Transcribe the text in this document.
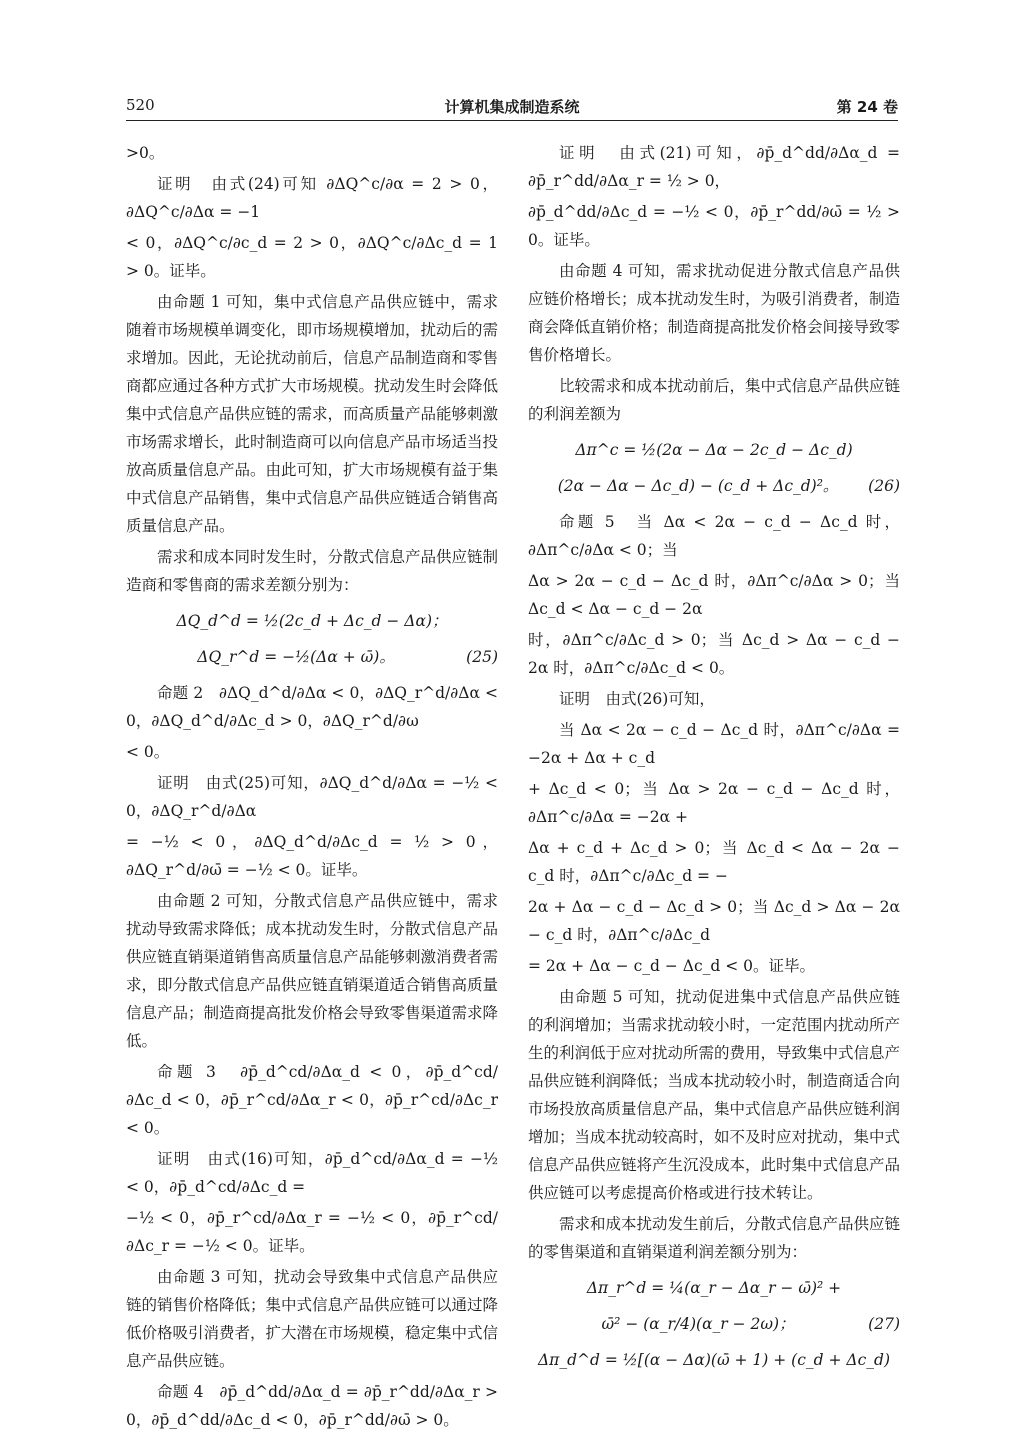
520	计算机集成制造系统	第 24 卷
>0。
证明　由式(24)可知 ∂ΔQ^c/∂α = 2 > 0，∂ΔQ^c/∂Δα = −1
< 0，∂ΔQ^c/∂c_d = 2 > 0，∂ΔQ^c/∂Δc_d = 1 > 0。证毕。
由命题 1 可知，集中式信息产品供应链中，需求随着市场规模单调变化，即市场规模增加，扰动后的需求增加。因此，无论扰动前后，信息产品制造商和零售商都应通过各种方式扩大市场规模。扰动发生时会降低集中式信息产品供应链的需求，而高质量产品能够刺激市场需求增长，此时制造商可以向信息产品市场适当投放高质量信息产品。由此可知，扩大市场规模有益于集中式信息产品销售，集中式信息产品供应链适合销售高质量信息产品。
需求和成本同时发生时，分散式信息产品供应链制造商和零售商的需求差额分别为：
ΔQ_d^d = ½(2c_d + Δc_d − Δα)；
(25)
ΔQ_r^d = −½(Δα + ω̄)。
命题 2　∂ΔQ_d^d/∂Δα < 0，∂ΔQ_r^d/∂Δα < 0，∂ΔQ_d^d/∂Δc_d > 0，∂ΔQ_r^d/∂ω
< 0。
证明　由式(25)可知，∂ΔQ_d^d/∂Δα = −½ < 0，∂ΔQ_r^d/∂Δα
= −½ < 0，∂ΔQ_d^d/∂Δc_d = ½ > 0，∂ΔQ_r^d/∂ω̄ = −½ < 0。证毕。
由命题 2 可知，分散式信息产品供应链中，需求扰动导致需求降低；成本扰动发生时，分散式信息产品供应链直销渠道销售高质量信息产品能够刺激消费者需求，即分散式信息产品供应链直销渠道适合销售高质量信息产品；制造商提高批发价格会导致零售渠道需求降低。
命题 3　∂p̄_d^cd/∂Δα_d < 0，∂p̄_d^cd/∂Δc_d < 0，∂p̄_r^cd/∂Δα_r < 0，∂p̄_r^cd/∂Δc_r < 0。
证明　由式(16)可知，∂p̄_d^cd/∂Δα_d = −½ < 0，∂p̄_d^cd/∂Δc_d =
−½ < 0，∂p̄_r^cd/∂Δα_r = −½ < 0，∂p̄_r^cd/∂Δc_r = −½ < 0。证毕。
由命题 3 可知，扰动会导致集中式信息产品供应链的销售价格降低；集中式信息产品供应链可以通过降低价格吸引消费者，扩大潜在市场规模，稳定集中式信息产品供应链。
命题 4　∂p̄_d^dd/∂Δα_d = ∂p̄_r^dd/∂Δα_r > 0，∂p̄_d^dd/∂Δc_d < 0，∂p̄_r^dd/∂ω̄ > 0。
证明　由式(21)可知，∂p̄_d^dd/∂Δα_d = ∂p̄_r^dd/∂Δα_r = ½ > 0，
∂p̄_d^dd/∂Δc_d = −½ < 0，∂p̄_r^dd/∂ω̄ = ½ > 0。证毕。
由命题 4 可知，需求扰动促进分散式信息产品供应链价格增长；成本扰动发生时，为吸引消费者，制造商会降低直销价格；制造商提高批发价格会间接导致零售价格增长。
比较需求和成本扰动前后，集中式信息产品供应链的利润差额为
Δπ^c = ½(2α − Δα − 2c_d − Δc_d)
(26)
(2α − Δα − Δc_d) − (c_d + Δc_d)²。
命题 5　当 Δα < 2α − c_d − Δc_d 时，∂Δπ^c/∂Δα < 0；当
Δα > 2α − c_d − Δc_d 时，∂Δπ^c/∂Δα > 0；当 Δc_d < Δα − c_d − 2α
时，∂Δπ^c/∂Δc_d > 0；当 Δc_d > Δα − c_d − 2α 时，∂Δπ^c/∂Δc_d < 0。
证明　由式(26)可知，
当 Δα < 2α − c_d − Δc_d 时，∂Δπ^c/∂Δα = −2α + Δα + c_d
+ Δc_d < 0；当 Δα > 2α − c_d − Δc_d 时，∂Δπ^c/∂Δα = −2α +
Δα + c_d + Δc_d > 0；当 Δc_d < Δα − 2α − c_d 时，∂Δπ^c/∂Δc_d = −
2α + Δα − c_d − Δc_d > 0；当 Δc_d > Δα − 2α − c_d 时，∂Δπ^c/∂Δc_d
= 2α + Δα − c_d − Δc_d < 0。证毕。
由命题 5 可知，扰动促进集中式信息产品供应链的利润增加；当需求扰动较小时，一定范围内扰动所产生的利润低于应对扰动所需的费用，导致集中式信息产品供应链利润降低；当成本扰动较小时，制造商适合向市场投放高质量信息产品，集中式信息产品供应链利润增加；当成本扰动较高时，如不及时应对扰动，集中式信息产品供应链将产生沉没成本，此时集中式信息产品供应链可以考虑提高价格或进行技术转让。
需求和成本扰动发生前后，分散式信息产品供应链的零售渠道和直销渠道利润差额分别为：
Δπ_r^d = ¼(α_r − Δα_r − ω̄)² +
(27)
ω̄² − (α_r/4)(α_r − 2ω)；
Δπ_d^d = ½[(α − Δα)(ω̄ + 1) + (c_d + Δc_d)
